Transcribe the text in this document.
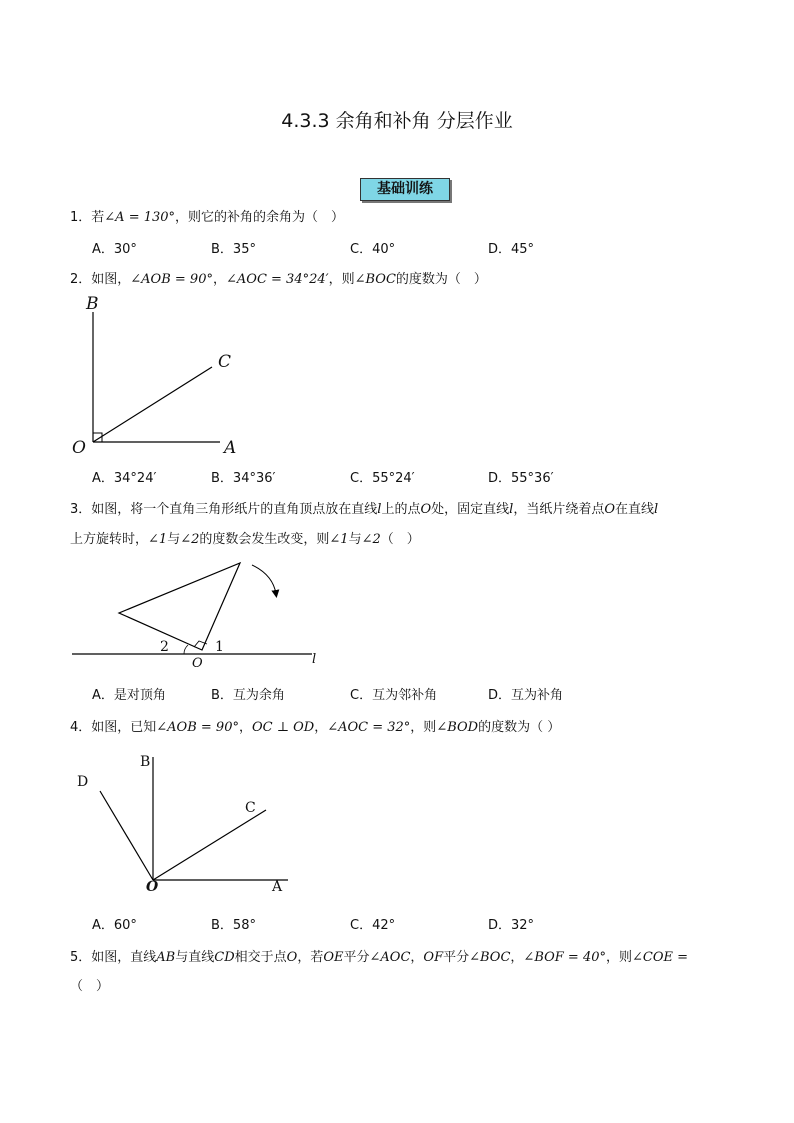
4.3.3 余角和补角 分层作业
基础训练
1．若∠A = 130°，则它的补角的余角为（　）
A．30°	B．35°	C．40°	D．45°
2．如图，∠AOB = 90°，∠AOC = 34°24′，则∠BOC的度数为（　）
B
C
O	A
A．34°24′	B．34°36′	C．55°24′	D．55°36′
3．如图，将一个直角三角形纸片的直角顶点放在直线l上的点O处，固定直线l，当纸片绕着点O在直线l
上方旋转时，∠1与∠2的度数会发生改变，则∠1与∠2（　）
1
2
O	l
A．是对顶角	B．互为余角	C．互为邻补角	D．互为补角
4．如图，已知∠AOB = 90°，OC ⊥ OD，∠AOC = 32°，则∠BOD的度数为（ ）
D
B
C
O	A
A．60°	B．58°	C．42°	D．32°
5．如图，直线AB与直线CD相交于点O，若OE平分∠AOC，OF平分∠BOC，∠BOF = 40°，则∠COE =
（　）
